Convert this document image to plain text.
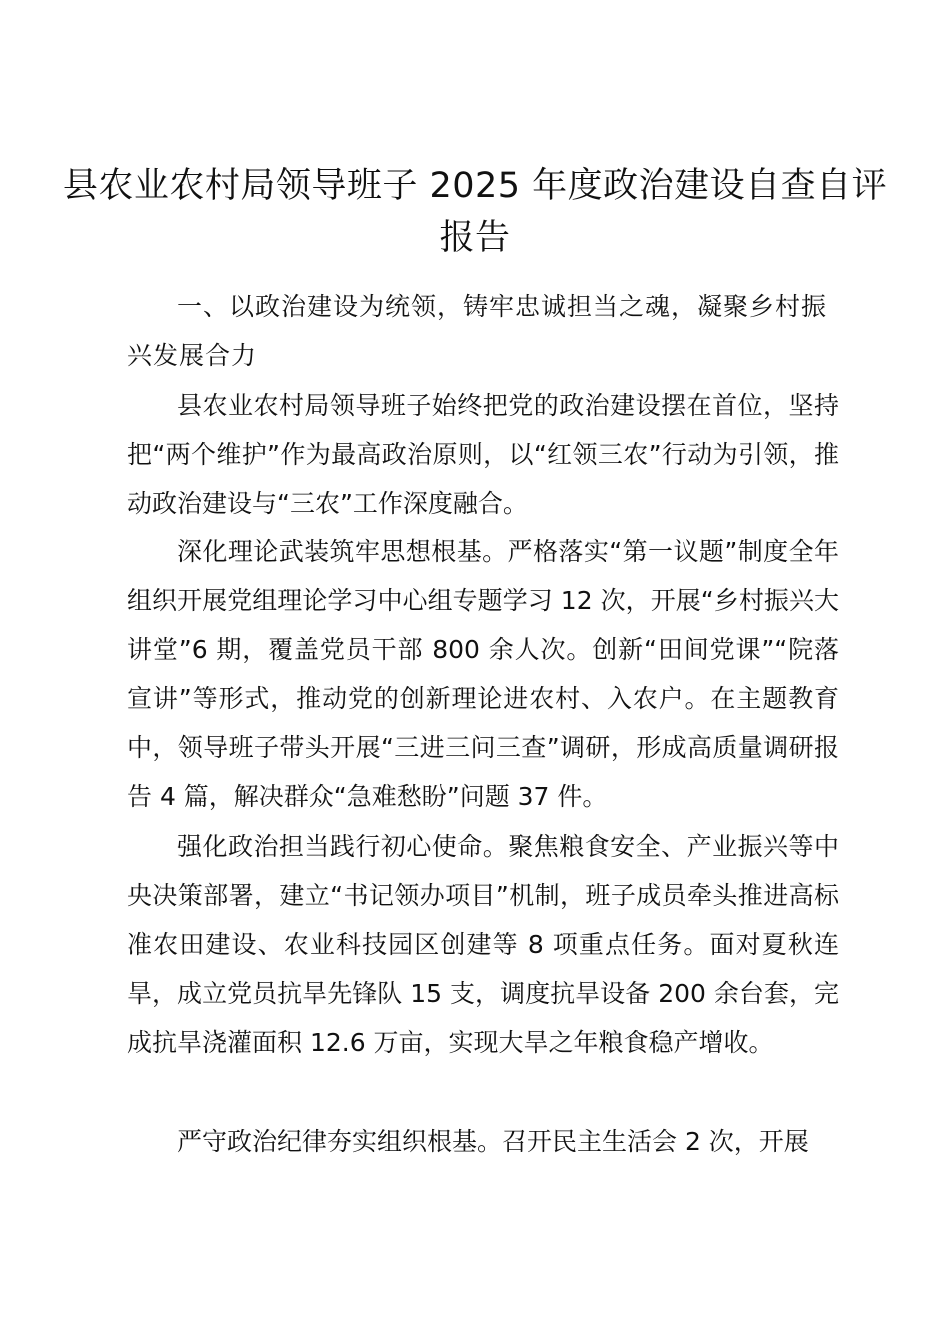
县农业农村局领导班子 2025 年度政治建设自查自评报告

一、以政治建设为统领，铸牢忠诚担当之魂，凝聚乡村振兴发展合力

县农业农村局领导班子始终把党的政治建设摆在首位，坚持把“两个维护”作为最高政治原则，以“红领三农”行动为引领，推动政治建设与“三农”工作深度融合。

深化理论武装筑牢思想根基。严格落实“第一议题”制度全年组织开展党组理论学习中心组专题学习 12 次，开展“乡村振兴大讲堂”6 期，覆盖党员干部 800 余人次。创新“田间党课”“院落宣讲”等形式，推动党的创新理论进农村、入农户。在主题教育中，领导班子带头开展“三进三问三查”调研，形成高质量调研报告 4 篇，解决群众“急难愁盼”问题 37 件。

强化政治担当践行初心使命。聚焦粮食安全、产业振兴等中央决策部署，建立“书记领办项目”机制，班子成员牵头推进高标准农田建设、农业科技园区创建等 8 项重点任务。面对夏秋连旱，成立党员抗旱先锋队 15 支，调度抗旱设备 200 余台套，完成抗旱浇灌面积 12.6 万亩，实现大旱之年粮食稳产增收。

严守政治纪律夯实组织根基。召开民主生活会 2 次，开展
